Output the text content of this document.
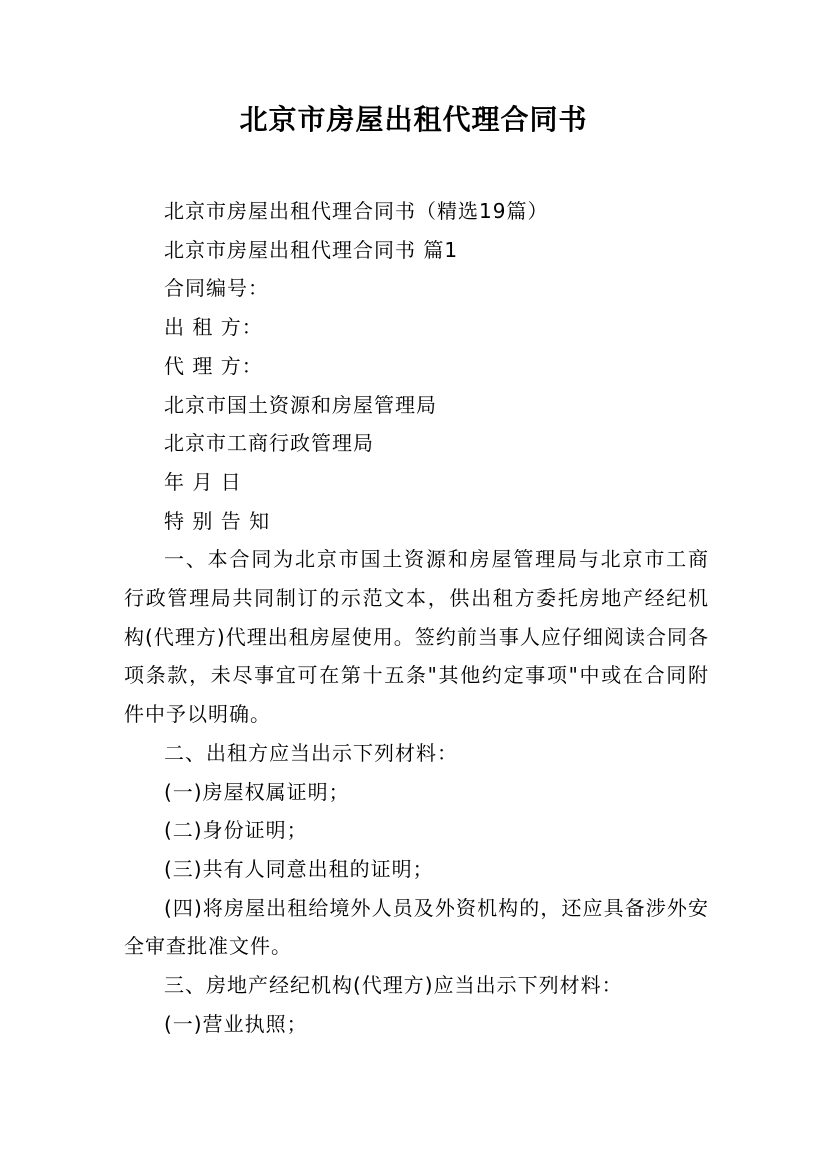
北京市房屋出租代理合同书

北京市房屋出租代理合同书（精选19篇）

北京市房屋出租代理合同书 篇1

合同编号：

出 租 方：

代 理 方：

北京市国土资源和房屋管理局

北京市工商行政管理局

年 月 日

特 别 告 知

一、本合同为北京市国土资源和房屋管理局与北京市工商行政管理局共同制订的示范文本，供出租方委托房地产经纪机构(代理方)代理出租房屋使用。签约前当事人应仔细阅读合同各项条款，未尽事宜可在第十五条"其他约定事项"中或在合同附件中予以明确。

二、出租方应当出示下列材料：

(一)房屋权属证明；

(二)身份证明；

(三)共有人同意出租的证明；

(四)将房屋出租给境外人员及外资机构的，还应具备涉外安全审查批准文件。

三、房地产经纪机构(代理方)应当出示下列材料：

(一)营业执照；
